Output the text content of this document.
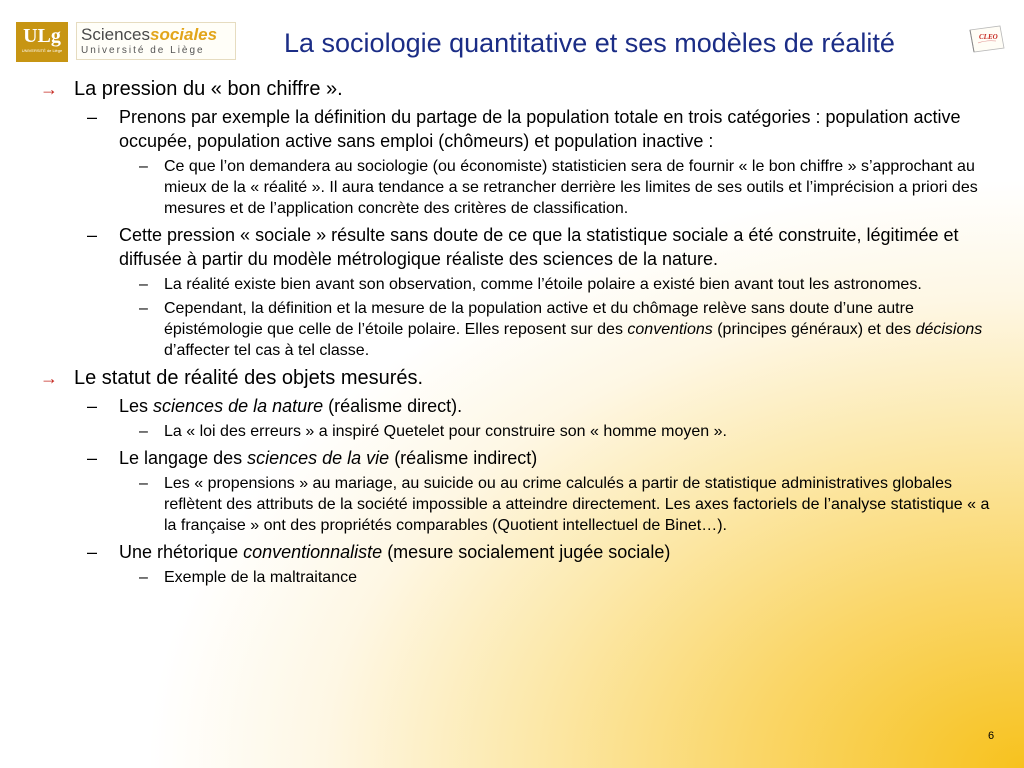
ULg
UNIVERSITÉ de Liège
Sciencessociales
Université de Liège	La sociologie quantitative et ses modèles de réalité	CLEO
→ La pression du « bon chiffre ».
– Prenons par exemple la définition du partage de la population totale en trois catégories : population active occupée, population active sans emploi (chômeurs) et population inactive :
– Ce que l’on demandera au sociologie (ou économiste) statisticien sera de fournir « le bon chiffre » s’approchant au mieux de la « réalité ». Il aura tendance a se retrancher derrière les limites de ses outils et l’imprécision a priori des mesures et de l’application concrète des critères de classification.
– Cette pression « sociale » résulte sans doute de ce que la statistique sociale a été construite, légitimée et diffusée à partir du modèle métrologique réaliste des sciences de la nature.
– La réalité existe bien avant son observation, comme l’étoile polaire a existé bien avant tout les astronomes.
– Cependant, la définition et la mesure de la population active et du chômage relève sans doute d’une autre épistémologie que celle de l’étoile polaire. Elles reposent sur des conventions (principes généraux) et des décisions d’affecter tel cas à tel classe.
→ Le statut de réalité des objets mesurés.
– Les sciences de la nature (réalisme direct).
– La « loi des erreurs » a inspiré Quetelet pour construire son « homme moyen ».
– Le langage des sciences de la vie (réalisme indirect)
– Les « propensions » au mariage, au suicide ou au crime calculés a partir de statistique administratives globales reflètent des attributs de la société impossible a atteindre directement. Les axes factoriels de l’analyse statistique « a la française » ont des propriétés comparables (Quotient intellectuel de Binet…).
– Une rhétorique conventionnaliste (mesure socialement jugée sociale)
– Exemple de la maltraitance
6
